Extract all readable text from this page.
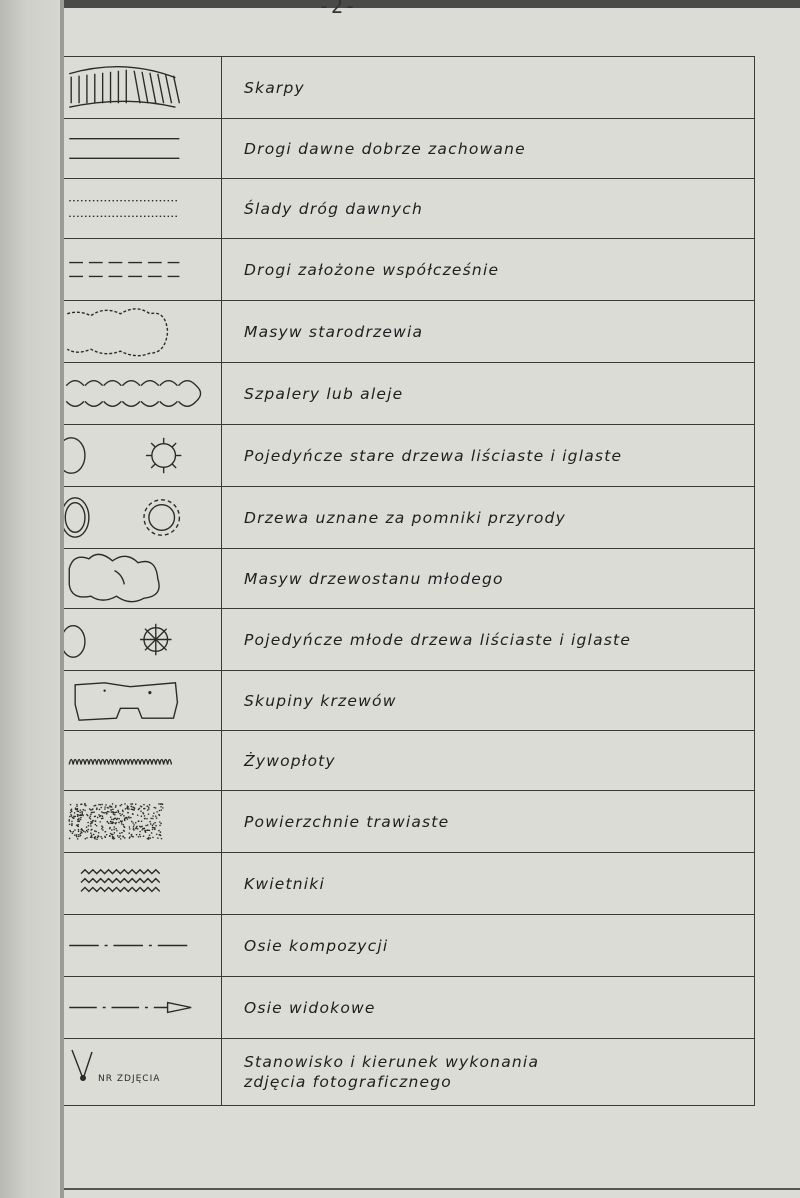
-2-
Skarpy
Drogi dawne dobrze zachowane
Ślady dróg dawnych
Drogi założone współcześnie
Masyw starodrzewia
Szpalery lub aleje
Pojedyńcze stare drzewa liściaste i iglaste
Drzewa uznane za pomniki przyrody
Masyw drzewostanu młodego
Pojedyńcze młode drzewa liściaste i iglaste
Skupiny krzewów
Żywopłoty
Powierzchnie trawiaste
Kwietniki
Osie kompozycji
Osie widokowe
NR ZDJĘCIA
Stanowisko i kierunek wykonania
zdjęcia fotograficznego
